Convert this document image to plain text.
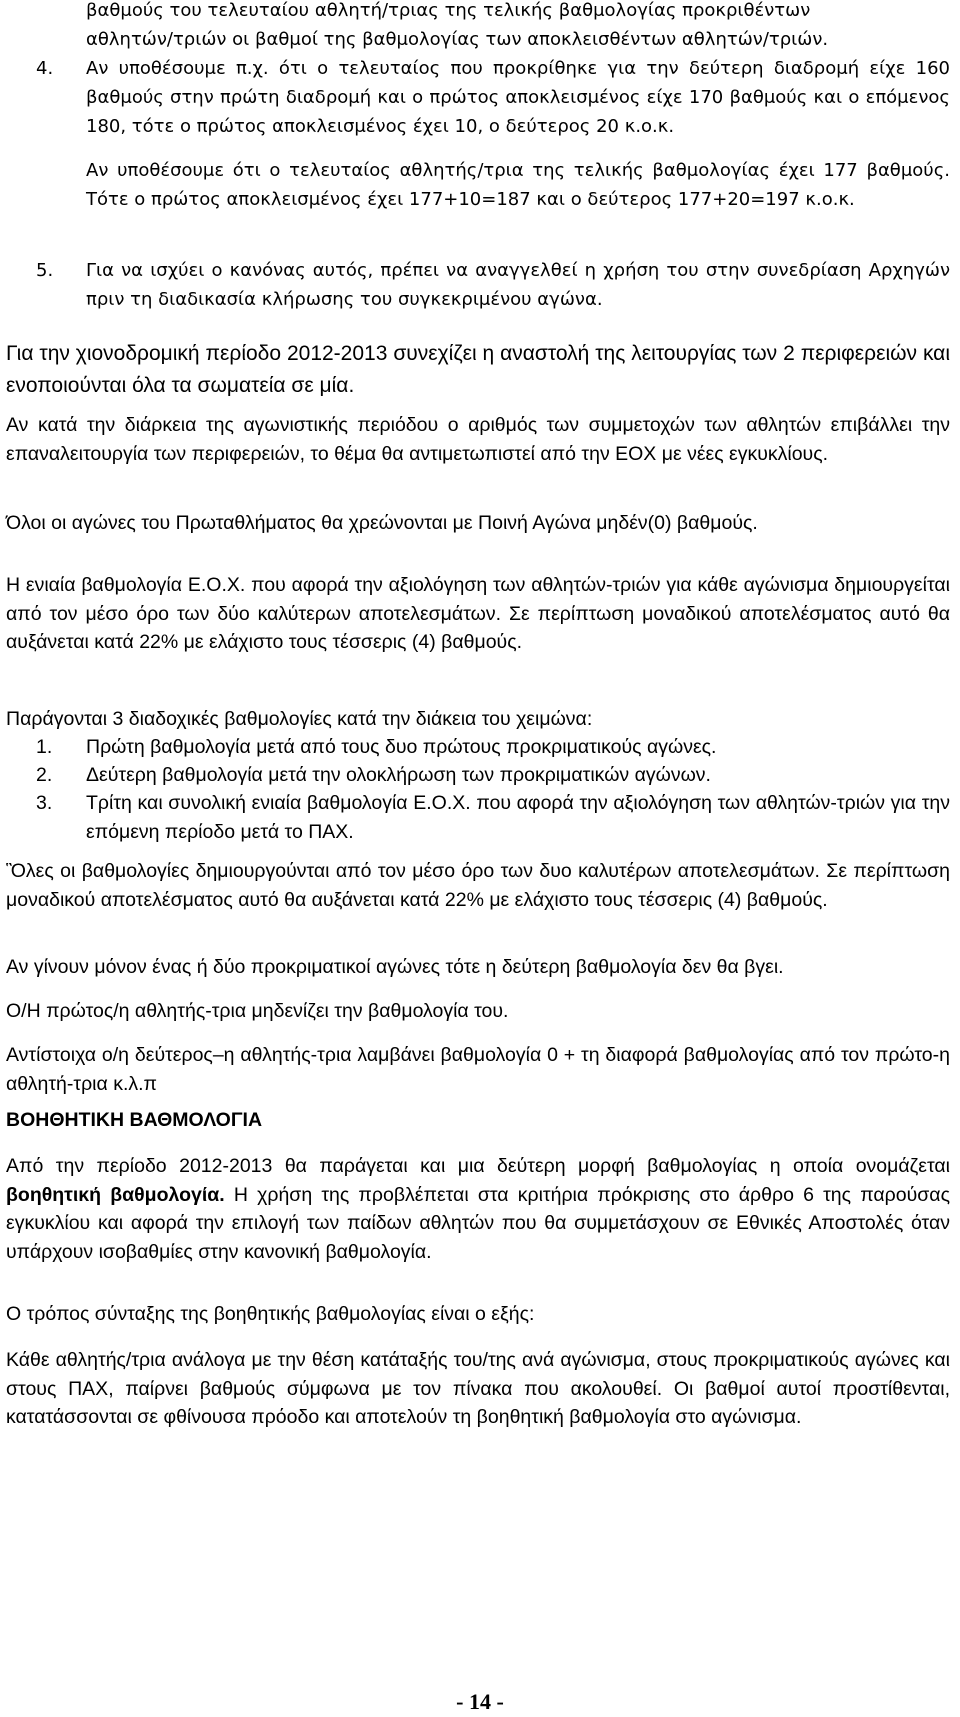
βαθμούς του τελευταίου αθλητή/τριας της τελικής βαθμολογίας προκριθέντων
αθλητών/τριών οι βαθμοί της βαθμολογίας των αποκλεισθέντων αθλητών/τριών.

4. Αν υποθέσουμε π.χ. ότι ο τελευταίος που προκρίθηκε για την δεύτερη διαδρομή είχε 160 βαθμούς στην πρώτη διαδρομή και ο πρώτος αποκλεισμένος είχε 170 βαθμούς και ο επόμενος 180, τότε ο πρώτος αποκλεισμένος έχει 10, ο δεύτερος 20 κ.ο.κ.

Αν υποθέσουμε ότι ο τελευταίος αθλητής/τρια της τελικής βαθμολογίας έχει 177 βαθμούς. Τότε ο πρώτος αποκλεισμένος έχει 177+10=187 και ο δεύτερος 177+20=197 κ.ο.κ.

5. Για να ισχύει ο κανόνας αυτός, πρέπει να αναγγελθεί η χρήση του στην συνεδρίαση Αρχηγών πριν τη διαδικασία κλήρωσης του συγκεκριμένου αγώνα.

Για την χιονοδρομική περίοδο 2012-2013 συνεχίζει η αναστολή της λειτουργίας των 2 περιφερειών και ενοποιούνται όλα τα σωματεία σε μία.

Αν κατά την διάρκεια της αγωνιστικής περιόδου ο αριθμός των συμμετοχών των αθλητών επιβάλλει την επαναλειτουργία των περιφερειών, το θέμα θα αντιμετωπιστεί από την ΕΟΧ με νέες εγκυκλίους.

Όλοι οι αγώνες του Πρωταθλήματος θα χρεώνονται με Ποινή Αγώνα μηδέν(0) βαθμούς.

Η ενιαία βαθμολογία Ε.Ο.Χ. που αφορά την αξιολόγηση των αθλητών-τριών για κάθε αγώνισμα δημιουργείται από τον μέσο όρο των δύο καλύτερων αποτελεσμάτων. Σε περίπτωση μοναδικού αποτελέσματος αυτό θα αυξάνεται κατά 22% με ελάχιστο τους τέσσερις (4) βαθμούς.

Παράγονται 3 διαδοχικές βαθμολογίες κατά την διάκεια του χειμώνα:

1. Πρώτη βαθμολογία μετά από τους δυο πρώτους προκριματικούς αγώνες.
2. Δεύτερη βαθμολογία μετά την ολοκλήρωση των προκριματικών αγώνων.
3. Τρίτη και συνολική ενιαία βαθμολογία Ε.Ο.Χ. που αφορά την αξιολόγηση των αθλητών-τριών για την επόμενη περίοδο μετά το ΠΑΧ.

Ὃλες οι βαθμολογίες δημιουργούνται από τον μέσο όρο των δυο καλυτέρων αποτελεσμάτων. Σε περίπτωση μοναδικού αποτελέσματος αυτό θα αυξάνεται κατά 22% με ελάχιστο τους τέσσερις (4) βαθμούς.

Αν γίνουν μόνον ένας ή δύο προκριματικοί αγώνες τότε η δεύτερη βαθμολογία δεν θα βγει.

Ο/Η πρώτος/η αθλητής-τρια μηδενίζει την βαθμολογία του.

Αντίστοιχα ο/η δεύτερος–η αθλητής-τρια λαμβάνει βαθμολογία 0 + τη διαφορά βαθμολογίας από τον πρώτο-η αθλητή-τρια κ.λ.π

ΒΟΗΘΗΤΙΚΗ ΒΑΘΜΟΛΟΓΙΑ

Από την περίοδο 2012-2013 θα παράγεται και μια δεύτερη μορφή βαθμολογίας η οποία ονομάζεται βοηθητική βαθμολογία. Η χρήση της προβλέπεται στα κριτήρια πρόκρισης στο άρθρο 6 της παρούσας εγκυκλίου και αφορά την επιλογή των παίδων αθλητών που θα συμμετάσχουν σε Εθνικές Αποστολές όταν υπάρχουν ισοβαθμίες στην κανονική βαθμολογία.

Ο τρόπος σύνταξης της βοηθητικής βαθμολογίας είναι ο εξής:

Κάθε αθλητής/τρια ανάλογα με την θέση κατάταξής του/της ανά αγώνισμα, στους προκριματικούς αγώνες και στους ΠΑΧ, παίρνει βαθμούς σύμφωνα με τον πίνακα που ακολουθεί. Οι βαθμοί αυτοί προστίθενται, κατατάσσονται σε φθίνουσα πρόοδο και αποτελούν τη βοηθητική βαθμολογία στο αγώνισμα.

- 14 -
